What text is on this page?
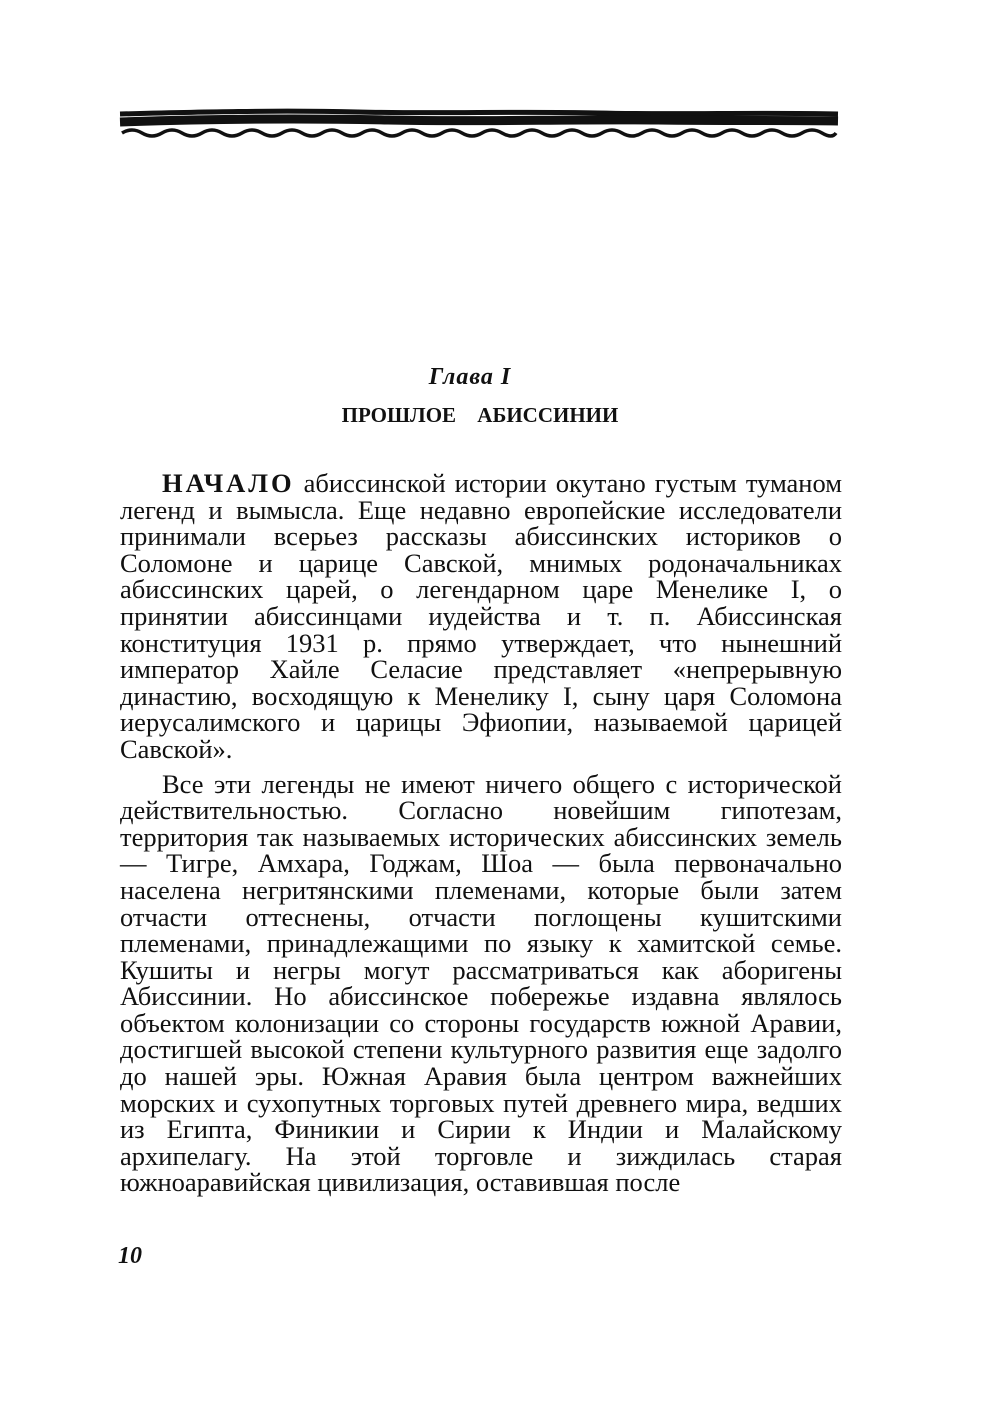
Глава I
ПРОШЛОЕ АБИССИНИИ

НАЧАЛО абиссинской истории окутано густым туманом легенд и вымысла. Еще недавно европейские исследователи принимали всерьез рассказы абиссинских историков о Соломоне и царице Савской, мнимых родоначальниках абиссинских царей, о легендарном царе Менелике I, о принятии абиссинцами иудейства и т. п. Абиссинская конституция 1931 р. прямо утверждает, что нынешний император Хайле Селасие представляет «непрерывную династию, восходящую к Менелику I, сыну царя Соломона иерусалимского и царицы Эфиопии, называемой царицей Савской».

Все эти легенды не имеют ничего общего с исторической действительностью. Согласно новейшим гипотезам, территория так называемых исторических абиссинских земель — Тигре, Амхара, Годжам, Шоа — была первоначально населена негритянскими племенами, которые были затем отчасти оттеснены, отчасти поглощены кушитскими племенами, принадлежащими по языку к хамитской семье. Кушиты и негры могут рассматриваться как аборигены Абиссинии. Но абиссинское побережье издавна являлось объектом колонизации со стороны государств южной Аравии, достигшей высокой степени культурного развития еще задолго до нашей эры. Южная Аравия была центром важнейших морских и сухопутных торговых путей древнего мира, ведших из Египта, Финикии и Сирии к Индии и Малайскому архипелагу. На этой торговле и зиждилась старая южноаравийская цивилизация, оставившая после

10
